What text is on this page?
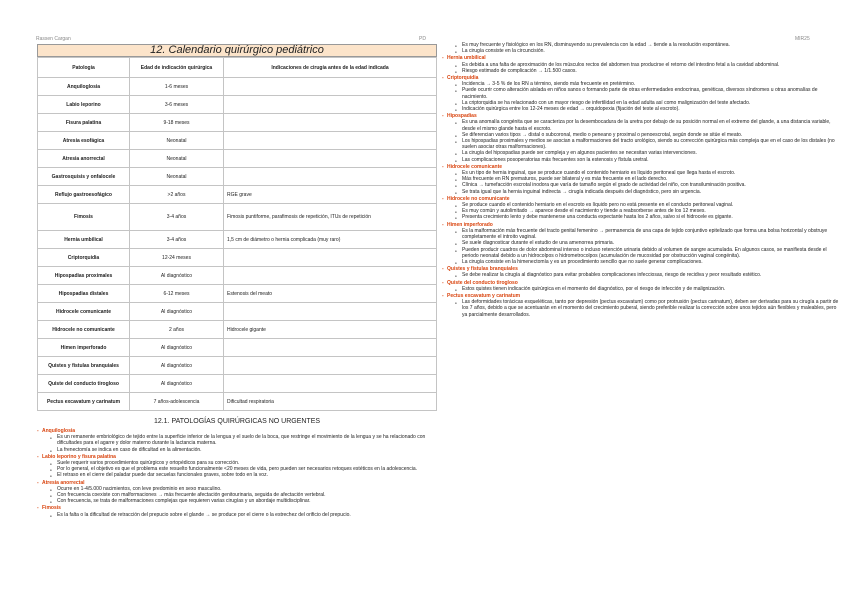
Rassen Cargan	PD	MIR25
12. Calendario quirúrgico pediátrico
Patología	Edad de indicación quirúrgica	Indicaciones de cirugía antes de la edad indicada
Anquiloglosia	1-6 meses	
Labio leporino	3-6 meses	
Fisura palatina	9-18 meses	
Atresia esofágica	Neonatal	
Atresia anorrectal	Neonatal	
Gastrosquisis y onfalocele	Neonatal	
Reflujo gastroesofágico	>2 años	RGE grave
Fimosis	3-4 años	Fimosis puntiforme, parafimosis de repetición, ITUs de repetición
Hernia umbilical	3-4 años	1,5 cm de diámetro o hernia complicada (muy raro)
Criptorquidia	12-24 meses	
Hipospadias proximales	Al diagnóstico	
Hipospadias distales	6-12 meses	Estenosis del meato
Hidrocele comunicante	Al diagnóstico	
Hidrocele no comunicante	2 años	Hidrocele gigante
Himen imperforado	Al diagnóstico	
Quistes y fístulas branquiales	Al diagnóstico	
Quiste del conducto tirogloso	Al diagnóstico	
Pectus excavatum y carinatum	7 años-adolescencia	Dificultad respiratoria
12.1. PATOLOGÍAS QUIRÚRGICAS NO URGENTES
- Anquiloglosia
● Es un remanente embriológico de tejido entre la superficie inferior de la lengua y el suelo de la boca, que restringe el movimiento de la lengua y se ha relacionado con dificultades para el agarre y dolor materno durante la lactancia materna.
● La frenectomía se indica en caso de dificultad en la alimentación.
- Labio leporino y fisura palatina
● Suele requerir varios procedimientos quirúrgicos y ortopédicos para su corrección.
● Por lo general, el objetivo es que el problema este resuelto funcionalmente <20 meses de vida, pero pueden ser necesarios retoques estéticos en la adolescencia.
● El retraso en el cierre del paladar puede dar secuelas funcionales graves, sobre todo en la voz.
- Atresia anorrectal
● Ocurre en 1-4/5.000 nacimientos, con leve predominio en sexo masculino.
● Con frecuencia coexiste con malformaciones → más frecuente afectación genitourinaria, seguida de afectación vertebral.
● Con frecuencia, se trata de malformaciones complejas que requieren varias cirugías y un abordaje multidisciplinar.
- Fimosis
● Es la falta o la dificultad de retracción del prepucio sobre el glande → se produce por el cierre o la estrechez del orificio del prepucio.
● Es muy frecuente y fisiológico en los RN, disminuyendo su prevalencia con la edad → tiende a la resolución espontánea.
● La cirugía consiste en la circuncisión.
- Hernia umbilical
● Es debida a una falta de aproximación de los músculos rectos del abdomen tras producirse el retorno del intestino fetal a la cavidad abdominal.
● Riesgo estimado de complicación → 1/1.500 casos.
- Criptorquidia
● Incidencia → 3-5 % de los RN a término, siendo más frecuente en pretérmino.
● Puede ocurrir como alteración aislada en niños sanos o formando parte de otras enfermedades endocrinas, genéticas, diversos síndromes u otras anomalías de nacimiento.
● La criptorquidia se ha relacionado con un mayor riesgo de infertilidad en la edad adulta así como malignización del teste afectado.
● Indicación quirúrgica entre los 12-24 meses de edad → orquidopexia (fijación del teste al escroto).
- Hipospadias
● Es una anomalía congénita que se caracteriza por la desembocadura de la uretra por debajo de su posición normal en el extremo del glande, a una distancia variable, desde el mismo glande hasta el escroto.
● Se diferencian varios tipos → distal o subcoronal, medio o peneano y proximal o penoescrotal, según donde se sitúe el meato.
● Los hipospadias proximales y medios se asocian a malformaciones del tracto urológico, siendo su corrección quirúrgica más compleja que en el caso de los distales (no suelen asociar otras malformaciones).
● La cirugía del hipospadias puede ser compleja y en algunos pacientes se necesitan varias intervenciones.
● Las complicaciones posoperatorias más frecuentes son la estenosis y fístula uretral.
- Hidrocele comunicante
● Es un tipo de hernia inguinal, que se produce cuando el contenido herniario es líquido peritoneal que llega hasta el escroto.
● Más frecuente en RN prematuros, puede ser bilateral y es más frecuente en el lado derecho.
● Clínica → tumefacción escrotal inodora que varía de tamaño según el grado de actividad del niño, con transiluminación positiva.
● Se trata igual que la hernia inguinal indirecta → cirugía indicada después del diagnóstico, pero sin urgencia.
- Hidrocele no comunicante
● Se produce cuando el contenido herniario en el escroto es líquido pero no está presente en el conducto peritoneal vaginal.
● Es muy común y autolimitado → aparece desde el nacimiento y tiende a reabsorberse antes de los 12 meses.
● Presenta crecimiento lento y debe mantenerse una conducta expectante hasta los 2 años, salvo si el hidrocele es gigante.
- Himen imperforado
● Es la malformación más frecuente del tracto genital femenino → permanencia de una capa de tejido conjuntivo epitelizado que forma una bolsa horizontal y obstruye completamente el introito vaginal.
● Se suele diagnosticar durante el estudio de una amenorrea primaria.
● Pueden producir cuadros de dolor abdominal intenso o incluso retención urinaria debido al volumen de sangre acumulada. En algunos casos, se manifiesta desde el periodo neonatal debido a un hidrocolpos o hidrometrocolpos (acumulación de mucosidad por obstrucción vaginal congénita).
● La cirugía consiste en la himenectomía y es un procedimiento sencillo que no suele generar complicaciones.
- Quistes y fístulas branquiales
● Se debe realizar la cirugía al diagnóstico para evitar probables complicaciones infecciosas, riesgo de recidiva y peor resultado estético.
- Quiste del conducto tirogloso
● Estos quistes tienen indicación quirúrgica en el momento del diagnóstico, por el riesgo de infección y de malignización.
- Pectus excavatum y carinatum
● Las deformidades torácicas esqueléticas, tanto por depresión (pectus excavatum) como por protrusión (pectus carinatum), deben ser derivadas para su cirugía a partir de los 7 años, debido a que se acentuarán en el momento del crecimiento puberal, siendo preferible realizar la corrección sobre unos tejidos aún flexibles y maleables, pero ya parcialmente desarrollados.
